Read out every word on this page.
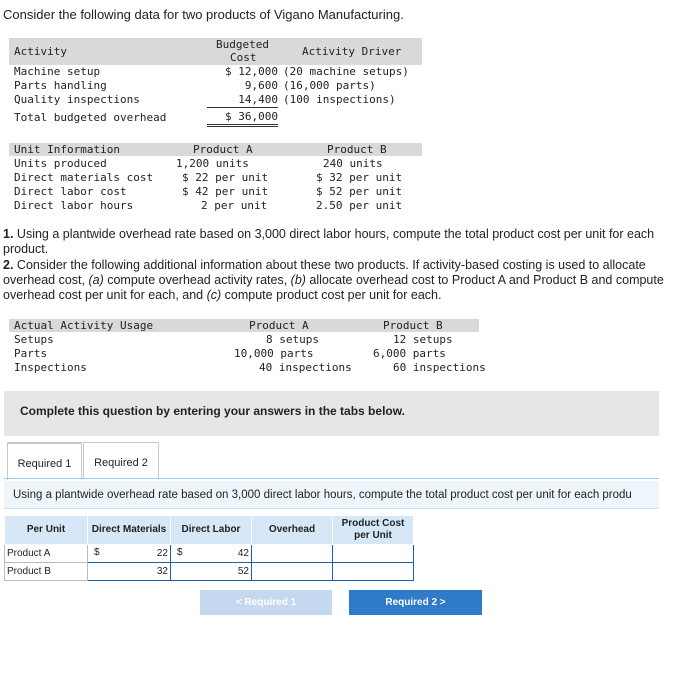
Consider the following data for two products of Vigano Manufacturing.
Activity
Budgeted
Cost	Activity Driver
Machine setup	$ 12,000 (20 machine setups)
Parts handling	9,600 (16,000 parts)
Quality inspections	14,400 (100 inspections)
Total budgeted overhead	$ 36,000
Unit Information	Product A	Product B
Units produced	1,200 units	240 units
Direct materials cost	$ 22 per unit	$ 32 per unit
Direct labor cost	$ 42 per unit	$ 52 per unit
Direct labor hours	2 per unit	2.50 per unit
1. Using a plantwide overhead rate based on 3,000 direct labor hours, compute the total product cost per unit for each product.
2. Consider the following additional information about these two products. If activity-based costing is used to allocate overhead cost, (a) compute overhead activity rates, (b) allocate overhead cost to Product A and Product B and compute overhead cost per unit for each, and (c) compute product cost per unit for each.
Actual Activity Usage	Product A	Product B
Setups	8 setups	12 setups
Parts	10,000 parts	6,000 parts
Inspections	40 inspections	60 inspections
Complete this question by entering your answers in the tabs below.
Required 1	Required 2
Using a plantwide overhead rate based on 3,000 direct labor hours, compute the total product cost per unit for each produ
Per Unit	Direct Materials	Direct Labor	Overhead	Product Cost per Unit
Product A	$ 22	$ 42		
Product B	32	52		
< Required 1	Required 2 >
